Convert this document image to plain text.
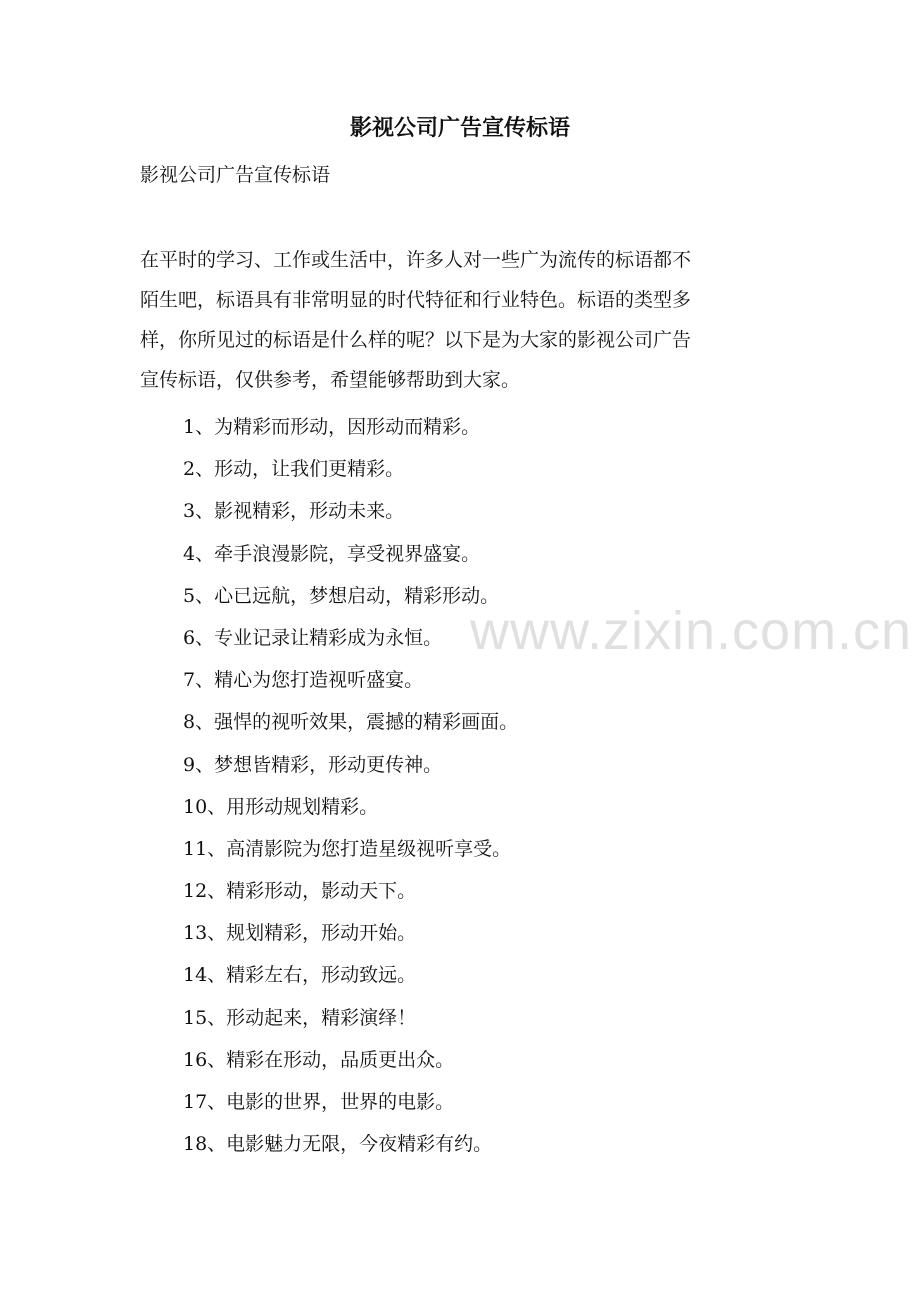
影视公司广告宣传标语
影视公司广告宣传标语
在平时的学习、工作或生活中，许多人对一些广为流传的标语都不
陌生吧，标语具有非常明显的时代特征和行业特色。标语的类型多
样，你所见过的标语是什么样的呢？以下是为大家的影视公司广告
宣传标语，仅供参考，希望能够帮助到大家。
1、为精彩而形动，因形动而精彩。
2、形动，让我们更精彩。
3、影视精彩，形动未来。
4、牵手浪漫影院，享受视界盛宴。
5、心已远航，梦想启动，精彩形动。
6、专业记录让精彩成为永恒。
7、精心为您打造视听盛宴。
8、强悍的视听效果，震撼的精彩画面。
9、梦想皆精彩，形动更传神。
10、用形动规划精彩。
11、高清影院为您打造星级视听享受。
12、精彩形动，影动天下。
13、规划精彩，形动开始。
14、精彩左右，形动致远。
15、形动起来，精彩演绎！
16、精彩在形动，品质更出众。
17、电影的世界，世界的电影。
18、电影魅力无限，今夜精彩有约。
www.zixin.com.cn
